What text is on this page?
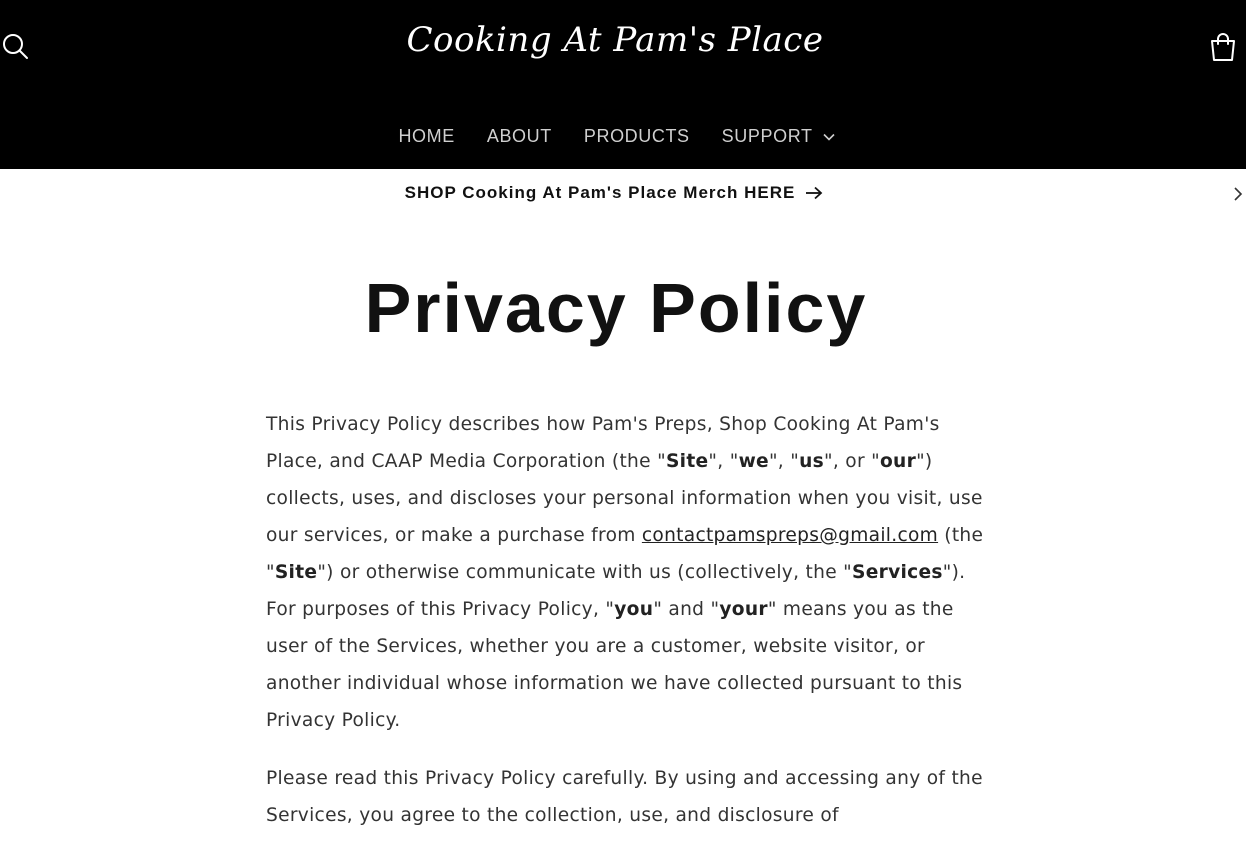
Cooking At Pam's Place
HOME ABOUT PRODUCTS SUPPORT
SHOP Cooking At Pam's Place Merch HERE
Privacy Policy

This Privacy Policy describes how Pam's Preps, Shop Cooking At Pam's Place, and CAAP Media Corporation (the "Site", "we", "us", or "our") collects, uses, and discloses your personal information when you visit, use our services, or make a purchase from contactpamspreps@gmail.com (the "Site") or otherwise communicate with us (collectively, the "Services"). For purposes of this Privacy Policy, "you" and "your" means you as the user of the Services, whether you are a customer, website visitor, or another individual whose information we have collected pursuant to this Privacy Policy.

Please read this Privacy Policy carefully. By using and accessing any of the Services, you agree to the collection, use, and disclosure of
